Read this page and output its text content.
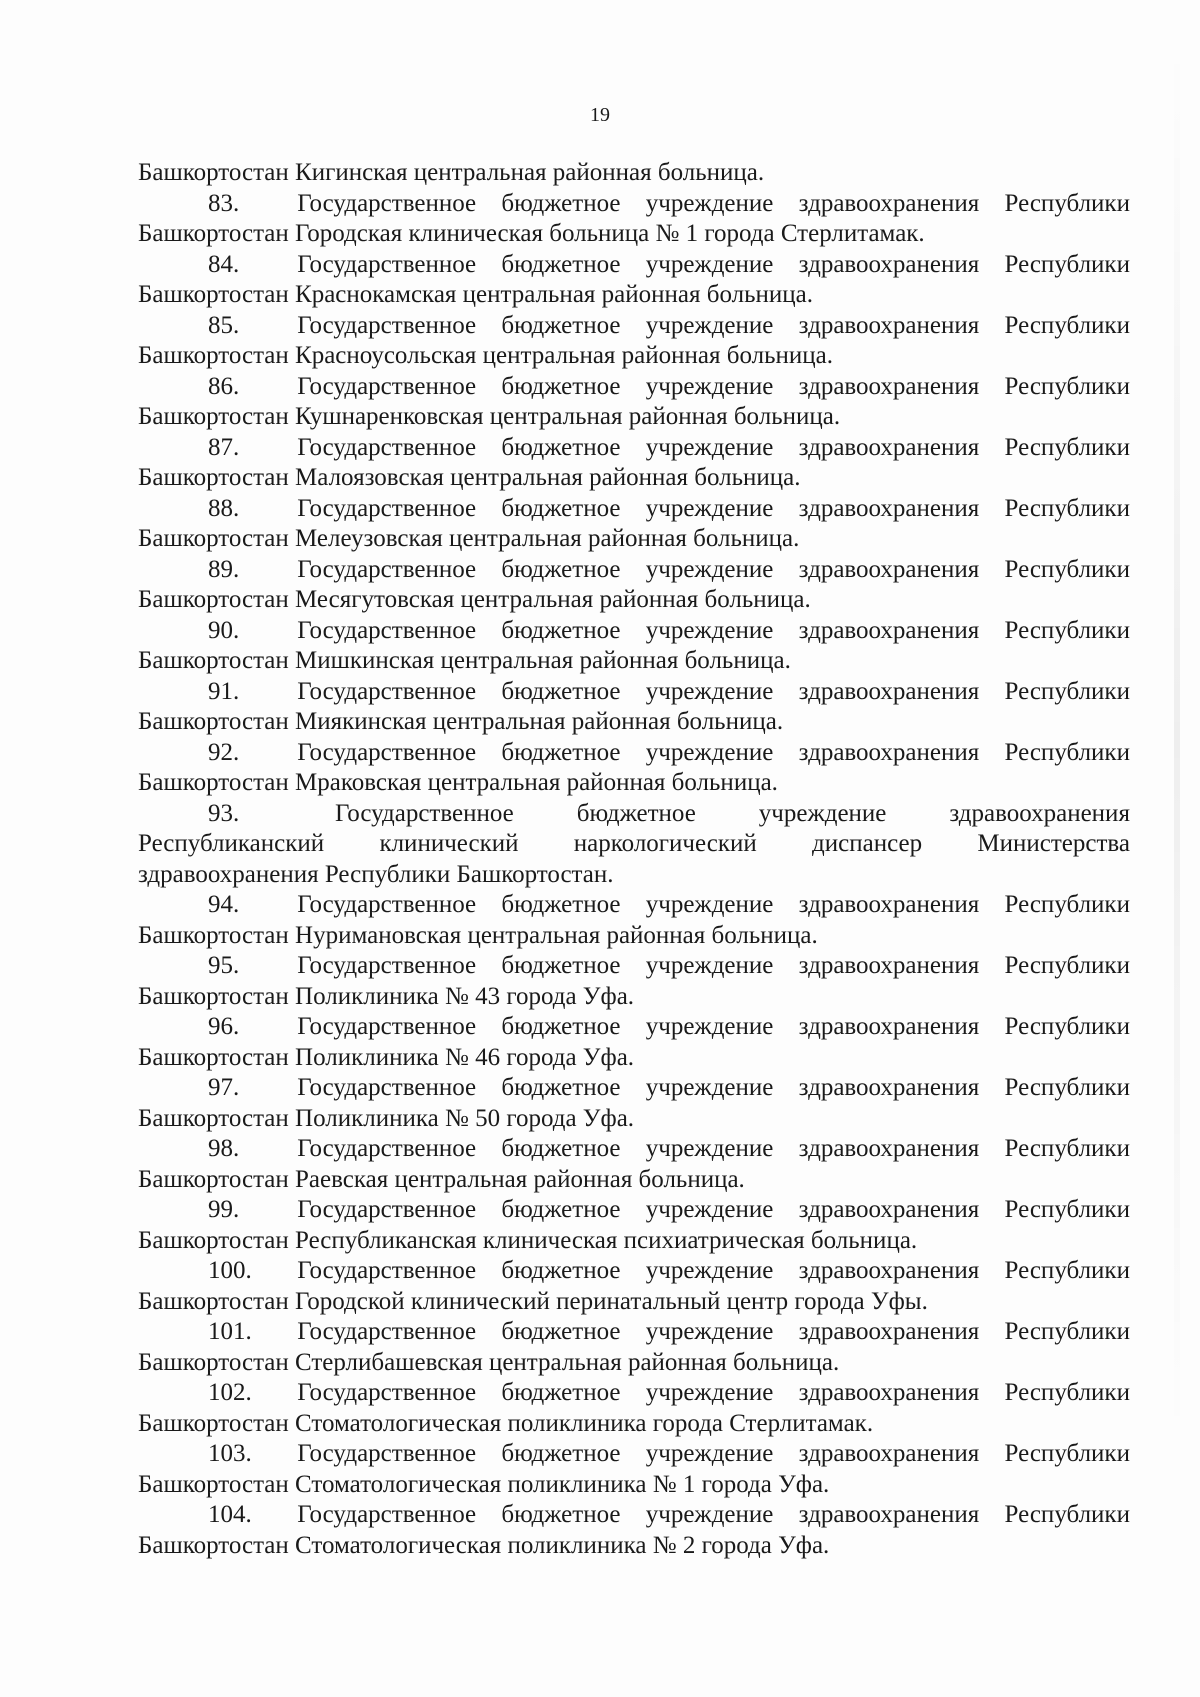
19

Башкортостан Кигинская центральная районная больница.

83.	Государственное бюджетное учреждение здравоохранения Республики
Башкортостан Городская клиническая больница № 1 города Стерлитамак.
84.	Государственное бюджетное учреждение здравоохранения Республики
Башкортостан Краснокамская центральная районная больница.
85.	Государственное бюджетное учреждение здравоохранения Республики
Башкортостан Красноусольская центральная районная больница.
86.	Государственное бюджетное учреждение здравоохранения Республики
Башкортостан Кушнаренковская центральная районная больница.
87.	Государственное бюджетное учреждение здравоохранения Республики
Башкортостан Малоязовская центральная районная больница.
88.	Государственное бюджетное учреждение здравоохранения Республики
Башкортостан Мелеузовская центральная районная больница.
89.	Государственное бюджетное учреждение здравоохранения Республики
Башкортостан Месягутовская центральная районная больница.
90.	Государственное бюджетное учреждение здравоохранения Республики
Башкортостан Мишкинская центральная районная больница.
91.	Государственное бюджетное учреждение здравоохранения Республики
Башкортостан Миякинская центральная районная больница.
92.	Государственное бюджетное учреждение здравоохранения Республики
Башкортостан Мраковская центральная районная больница.
93.	Государственное	бюджетное	учреждение	здравоохранения
Республиканский клинический наркологический диспансер Министерства
здравоохранения Республики Башкортостан.
94.	Государственное бюджетное учреждение здравоохранения Республики
Башкортостан Нуримановская центральная районная больница.
95.	Государственное бюджетное учреждение здравоохранения Республики
Башкортостан Поликлиника № 43 города Уфа.
96.	Государственное бюджетное учреждение здравоохранения Республики
Башкортостан Поликлиника № 46 города Уфа.
97.	Государственное бюджетное учреждение здравоохранения Республики
Башкортостан Поликлиника № 50 города Уфа.
98.	Государственное бюджетное учреждение здравоохранения Республики
Башкортостан Раевская центральная районная больница.
99.	Государственное бюджетное учреждение здравоохранения Республики
Башкортостан Республиканская клиническая психиатрическая больница.
100.	Государственное бюджетное учреждение здравоохранения Республики
Башкортостан Городской клинический перинатальный центр города Уфы.
101.	Государственное бюджетное учреждение здравоохранения Республики
Башкортостан Стерлибашевская центральная районная больница.
102.	Государственное бюджетное учреждение здравоохранения Республики
Башкортостан Стоматологическая поликлиника города Стерлитамак.
103.	Государственное бюджетное учреждение здравоохранения Республики
Башкортостан Стоматологическая поликлиника № 1 города Уфа.
104.	Государственное бюджетное учреждение здравоохранения Республики
Башкортостан Стоматологическая поликлиника № 2 города Уфа.
